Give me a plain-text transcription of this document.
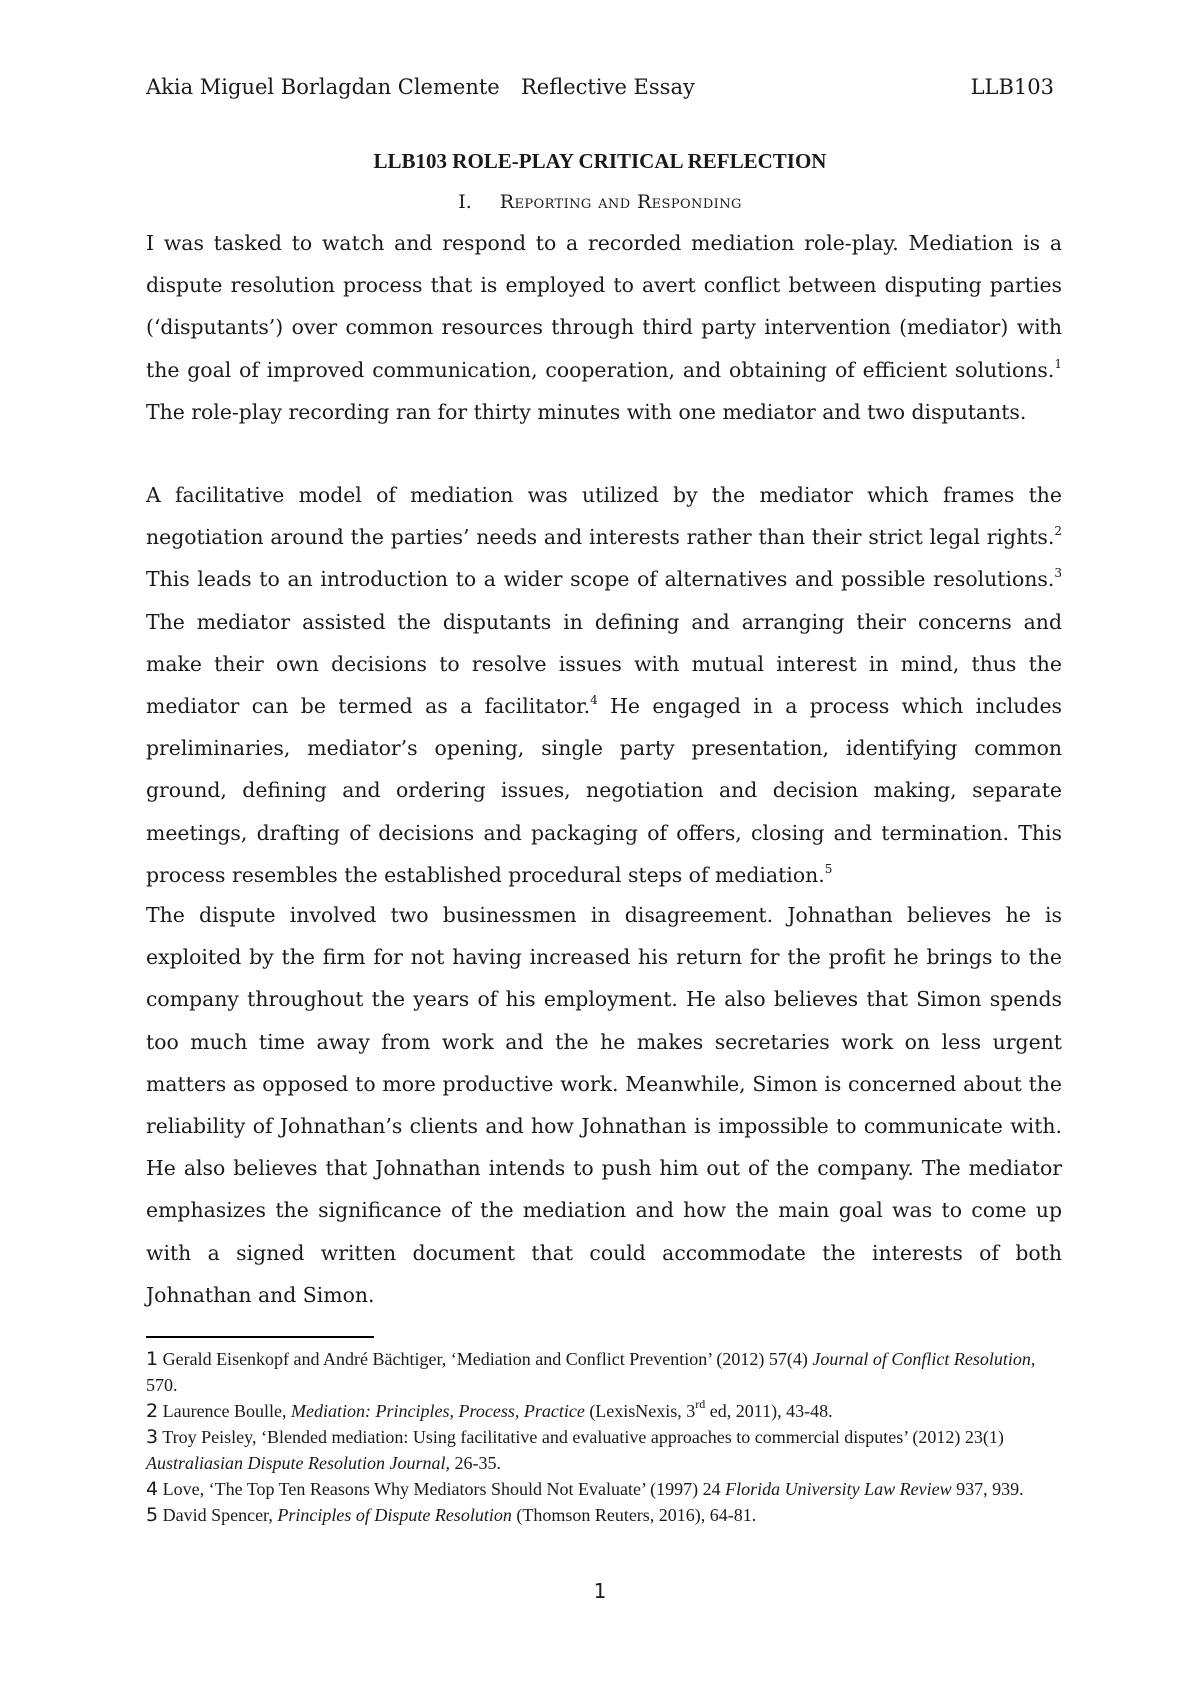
Akia Miguel Borlagdan Clemente Reflective Essay	LLB103
LLB103 ROLE-PLAY CRITICAL REFLECTION
I. Reporting and Responding

I was tasked to watch and respond to a recorded mediation role-play. Mediation is a dispute resolution process that is employed to avert conflict between disputing parties (‘disputants’) over common resources through third party intervention (mediator) with the goal of improved communication, cooperation, and obtaining of efficient solutions.$^1$ The role-play recording ran for thirty minutes with one mediator and two disputants.

A facilitative model of mediation was utilized by the mediator which frames the negotiation around the parties’ needs and interests rather than their strict legal rights.$^2$ This leads to an introduction to a wider scope of alternatives and possible resolutions.$^3$ The mediator assisted the disputants in defining and arranging their concerns and make their own decisions to resolve issues with mutual interest in mind, thus the mediator can be termed as a facilitator.$^4$ He engaged in a process which includes preliminaries, mediator’s opening, single party presentation, identifying common ground, defining and ordering issues, negotiation and decision making, separate meetings, drafting of decisions and packaging of offers, closing and termination. This process resembles the established procedural steps of mediation.$^5$

The dispute involved two businessmen in disagreement. Johnathan believes he is exploited by the firm for not having increased his return for the profit he brings to the company throughout the years of his employment. He also believes that Simon spends too much time away from work and the he makes secretaries work on less urgent matters as opposed to more productive work. Meanwhile, Simon is concerned about the reliability of Johnathan’s clients and how Johnathan is impossible to communicate with. He also believes that Johnathan intends to push him out of the company. The mediator emphasizes the significance of the mediation and how the main goal was to come up with a signed written document that could accommodate the interests of both Johnathan and Simon.

1 Gerald Eisenkopf and André Bächtiger, ‘Mediation and Conflict Prevention’ (2012) 57(4) Journal of Conflict Resolution, 570.

2 Laurence Boulle, Mediation: Principles, Process, Practice (LexisNexis, 3rd ed, 2011), 43-48.

3 Troy Peisley, ‘Blended mediation: Using facilitative and evaluative approaches to commercial disputes’ (2012) 23(1) Australiasian Dispute Resolution Journal, 26-35.

4 Love, ‘The Top Ten Reasons Why Mediators Should Not Evaluate’ (1997) 24 Florida University Law Review 937, 939.

5 David Spencer, Principles of Dispute Resolution (Thomson Reuters, 2016), 64-81.

1
